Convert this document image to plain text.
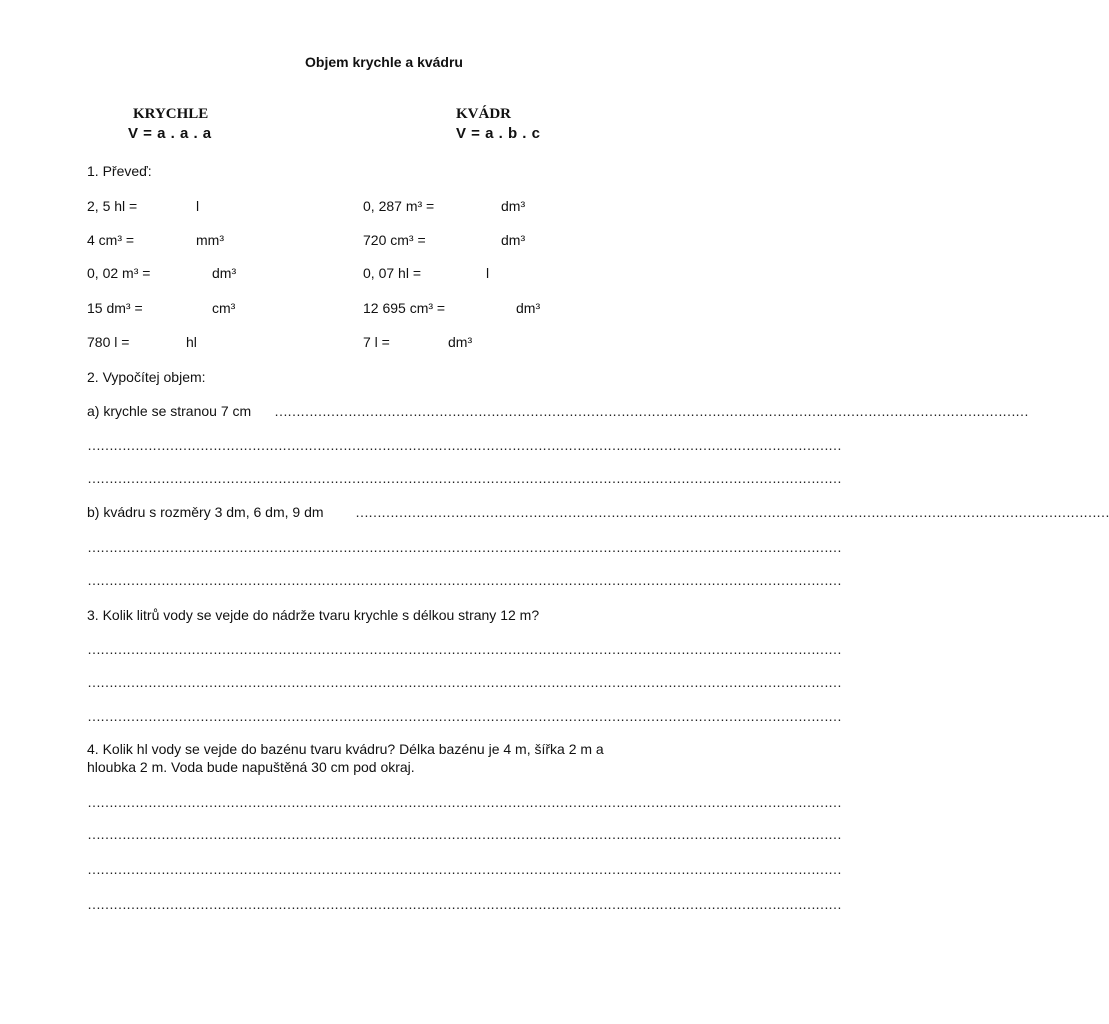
Objem krychle a kvádru
KRYCHLE
V = a . a . a
KVÁDR
V = a . b . c
1. Převeď:
2, 5 hl =	l	0, 287 m³ =	dm³
4 cm³ =	mm³	720 cm³ =	dm³
0, 02 m³ =	dm³	0, 07 hl =	l
15 dm³ =	cm³	12 695 cm³ =	dm³
780 l =	hl	7 l =	dm³
2. Vypočítej objem:
a) krychle se stranou 7 cm …………………………………………………………………………………………………………………………………………………………
…………………………………………………………………………………………………………………………………………………………
…………………………………………………………………………………………………………………………………………………………
b) kvádru s rozměry 3 dm, 6 dm, 9 dm …………………………………………………………………………………………………………………………………………………………
…………………………………………………………………………………………………………………………………………………………
…………………………………………………………………………………………………………………………………………………………
3. Kolik litrů vody se vejde do nádrže tvaru krychle s délkou strany 12 m?
…………………………………………………………………………………………………………………………………………………………
…………………………………………………………………………………………………………………………………………………………
…………………………………………………………………………………………………………………………………………………………
4. Kolik hl vody se vejde do bazénu tvaru kvádru? Délka bazénu je 4 m, šířka 2 m a
hloubka 2 m. Voda bude napuštěná 30 cm pod okraj.
…………………………………………………………………………………………………………………………………………………………
…………………………………………………………………………………………………………………………………………………………
…………………………………………………………………………………………………………………………………………………………
…………………………………………………………………………………………………………………………………………………………
